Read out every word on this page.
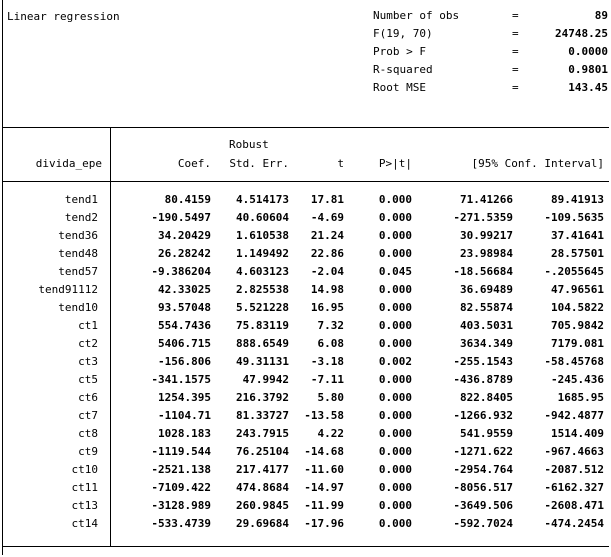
Linear regression	Number of obs	=	89
F(19, 70)	=	24748.25
Prob > F	=	0.0000
R-squared	=	0.9801
Root MSE	=	143.45
Robust
divida_epe	Coef.	Std. Err.	t	P>|t|	[95% Conf. Interval]
tend1	80.4159	4.514173	17.81	0.000	71.41266	89.41913
tend2	-190.5497	40.60604	-4.69	0.000	-271.5359	-109.5635
tend36	34.20429	1.610538	21.24	0.000	30.99217	37.41641
tend48	26.28242	1.149492	22.86	0.000	23.98984	28.57501
tend57	-9.386204	4.603123	-2.04	0.045	-18.56684	-.2055645
tend91112	42.33025	2.825538	14.98	0.000	36.69489	47.96561
tend10	93.57048	5.521228	16.95	0.000	82.55874	104.5822
ct1	554.7436	75.83119	7.32	0.000	403.5031	705.9842
ct2	5406.715	888.6549	6.08	0.000	3634.349	7179.081
ct3	-156.806	49.31131	-3.18	0.002	-255.1543	-58.45768
ct5	-341.1575	47.9942	-7.11	0.000	-436.8789	-245.436
ct6	1254.395	216.3792	5.80	0.000	822.8405	1685.95
ct7	-1104.71	81.33727 -13.58	0.000	-1266.932	-942.4877
ct8	1028.183	243.7915	4.22	0.000	541.9559	1514.409
ct9	-1119.544	76.25104 -14.68	0.000	-1271.622	-967.4663
ct10	-2521.138	217.4177 -11.60	0.000	-2954.764	-2087.512
ct11	-7109.422	474.8684 -14.97	0.000	-8056.517	-6162.327
ct13	-3128.989	260.9845 -11.99	0.000	-3649.506	-2608.471
ct14	-533.4739	29.69684 -17.96	0.000	-592.7024	-474.2454
